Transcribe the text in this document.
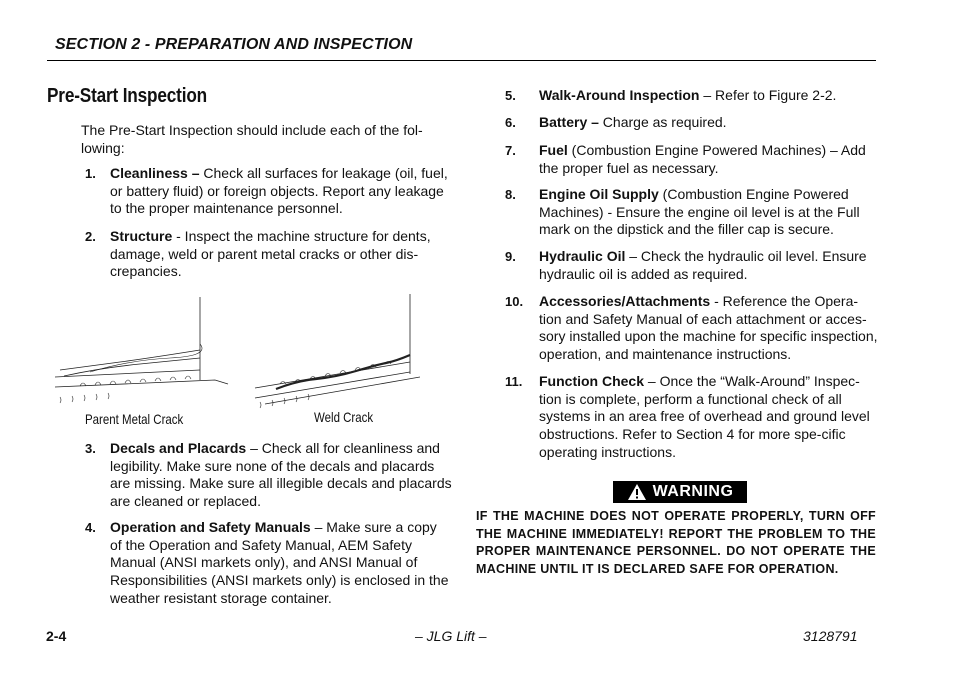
SECTION 2 - PREPARATION AND INSPECTION
Pre-Start Inspection
The Pre-Start Inspection should include each of the fol-lowing:
1. Cleanliness – Check all surfaces for leakage (oil, fuel, or battery fluid) or foreign objects. Report any leakage to the proper maintenance personnel.
2. Structure - Inspect the machine structure for dents, damage, weld or parent metal cracks or other dis-crepancies.
Parent Metal Crack	Weld Crack
3. Decals and Placards – Check all for cleanliness and legibility. Make sure none of the decals and placards are missing. Make sure all illegible decals and placards are cleaned or replaced.
4. Operation and Safety Manuals – Make sure a copy of the Operation and Safety Manual, AEM Safety Manual (ANSI markets only), and ANSI Manual of Responsibilities (ANSI markets only) is enclosed in the weather resistant storage container.
5. Walk-Around Inspection – Refer to Figure 2-2.
6. Battery – Charge as required.
7. Fuel (Combustion Engine Powered Machines) – Add the proper fuel as necessary.
8. Engine Oil Supply (Combustion Engine Powered Machines) - Ensure the engine oil level is at the Full mark on the dipstick and the filler cap is secure.
9. Hydraulic Oil – Check the hydraulic oil level. Ensure hydraulic oil is added as required.
10. Accessories/Attachments - Reference the Opera-tion and Safety Manual of each attachment or acces-sory installed upon the machine for specific inspection, operation, and maintenance instructions.
11. Function Check – Once the “Walk-Around” Inspec-tion is complete, perform a functional check of all systems in an area free of overhead and ground level obstructions. Refer to Section 4 for more spe-cific operating instructions.
WARNING
IF THE MACHINE DOES NOT OPERATE PROPERLY, TURN OFF THE MACHINE IMMEDIATELY! REPORT THE PROBLEM TO THE PROPER MAINTENANCE PERSONNEL. DO NOT OPERATE THE MACHINE UNTIL IT IS DECLARED SAFE FOR OPERATION.
2-4	– JLG Lift –	3128791
